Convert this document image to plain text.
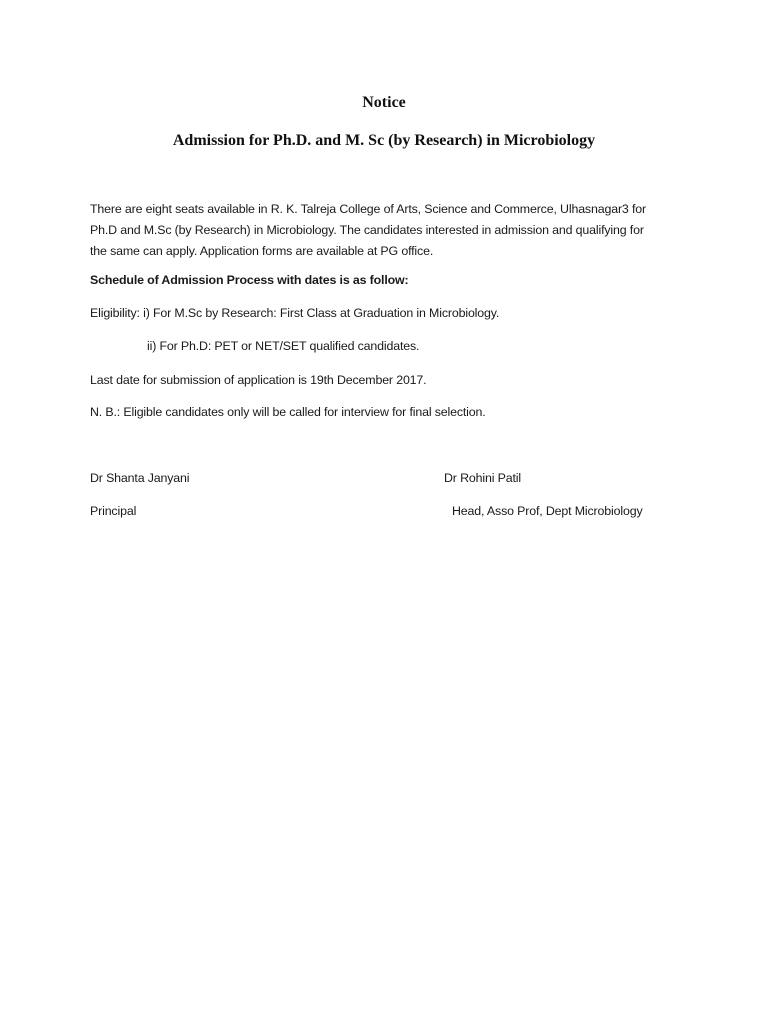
Notice
Admission for Ph.D. and M. Sc (by Research) in Microbiology
There are eight seats available in R. K. Talreja College of Arts, Science and Commerce, Ulhasnagar3 for
Ph.D and M.Sc (by Research) in Microbiology. The candidates interested in admission and qualifying for
the same can apply. Application forms are available at PG office.
Schedule of Admission Process with dates is as follow:
Eligibility: i) For M.Sc by Research: First Class at Graduation in Microbiology.
ii) For Ph.D: PET or NET/SET qualified candidates.
Last date for submission of application is 19th December 2017.
N. B.: Eligible candidates only will be called for interview for final selection.
Dr Shanta Janyani
Principal
Dr Rohini Patil
Head, Asso Prof, Dept Microbiology
